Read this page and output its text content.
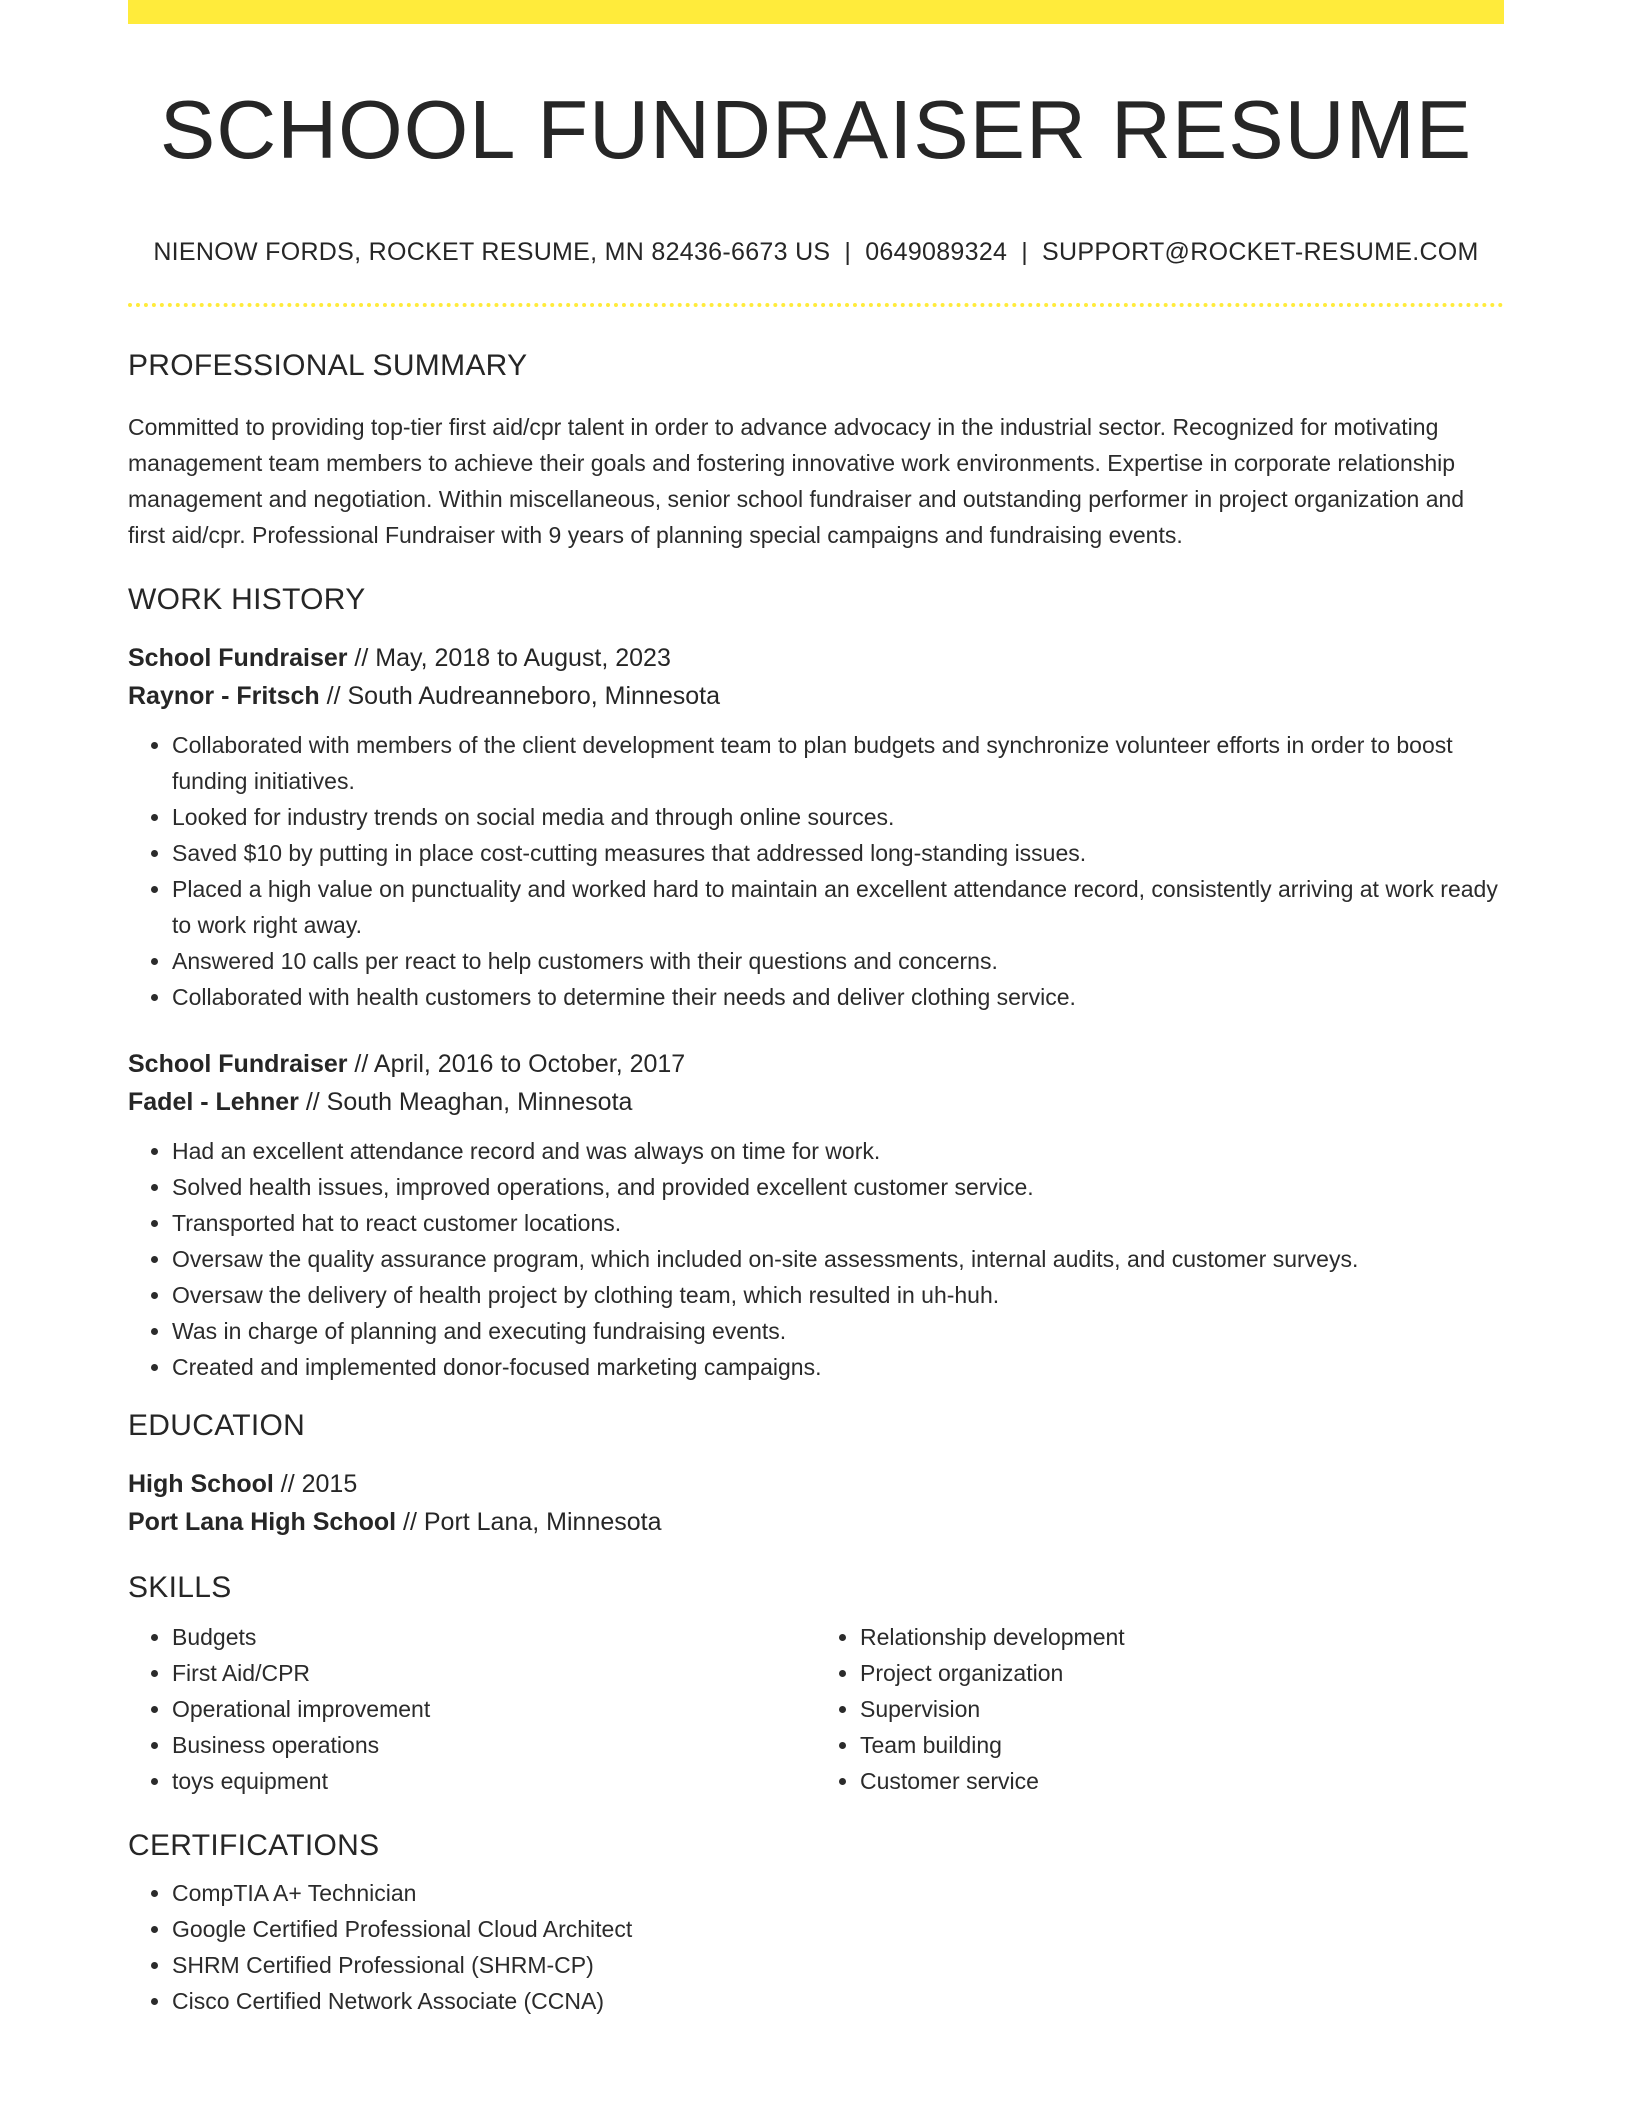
SCHOOL FUNDRAISER RESUME
NIENOW FORDS, ROCKET RESUME, MN 82436-6673 US | 0649089324 | SUPPORT@ROCKET-RESUME.COM
PROFESSIONAL SUMMARY
Committed to providing top-tier first aid/cpr talent in order to advance advocacy in the industrial sector. Recognized for motivating management team members to achieve their goals and fostering innovative work environments. Expertise in corporate relationship management and negotiation. Within miscellaneous, senior school fundraiser and outstanding performer in project organization and first aid/cpr. Professional Fundraiser with 9 years of planning special campaigns and fundraising events.
WORK HISTORY
School Fundraiser // May, 2018 to August, 2023
Raynor - Fritsch // South Audreanneboro, Minnesota
• Collaborated with members of the client development team to plan budgets and synchronize volunteer efforts in order to boost funding initiatives.
• Looked for industry trends on social media and through online sources.
• Saved $10 by putting in place cost-cutting measures that addressed long-standing issues.
• Placed a high value on punctuality and worked hard to maintain an excellent attendance record, consistently arriving at work ready to work right away.
• Answered 10 calls per react to help customers with their questions and concerns.
• Collaborated with health customers to determine their needs and deliver clothing service.
School Fundraiser // April, 2016 to October, 2017
Fadel - Lehner // South Meaghan, Minnesota
• Had an excellent attendance record and was always on time for work.
• Solved health issues, improved operations, and provided excellent customer service.
• Transported hat to react customer locations.
• Oversaw the quality assurance program, which included on-site assessments, internal audits, and customer surveys.
• Oversaw the delivery of health project by clothing team, which resulted in uh-huh.
• Was in charge of planning and executing fundraising events.
• Created and implemented donor-focused marketing campaigns.
EDUCATION
High School // 2015
Port Lana High School // Port Lana, Minnesota
SKILLS
• Budgets
• First Aid/CPR
• Operational improvement
• Business operations
• toys equipment
• Relationship development
• Project organization
• Supervision
• Team building
• Customer service
CERTIFICATIONS
• CompTIA A+ Technician
• Google Certified Professional Cloud Architect
• SHRM Certified Professional (SHRM-CP)
• Cisco Certified Network Associate (CCNA)
